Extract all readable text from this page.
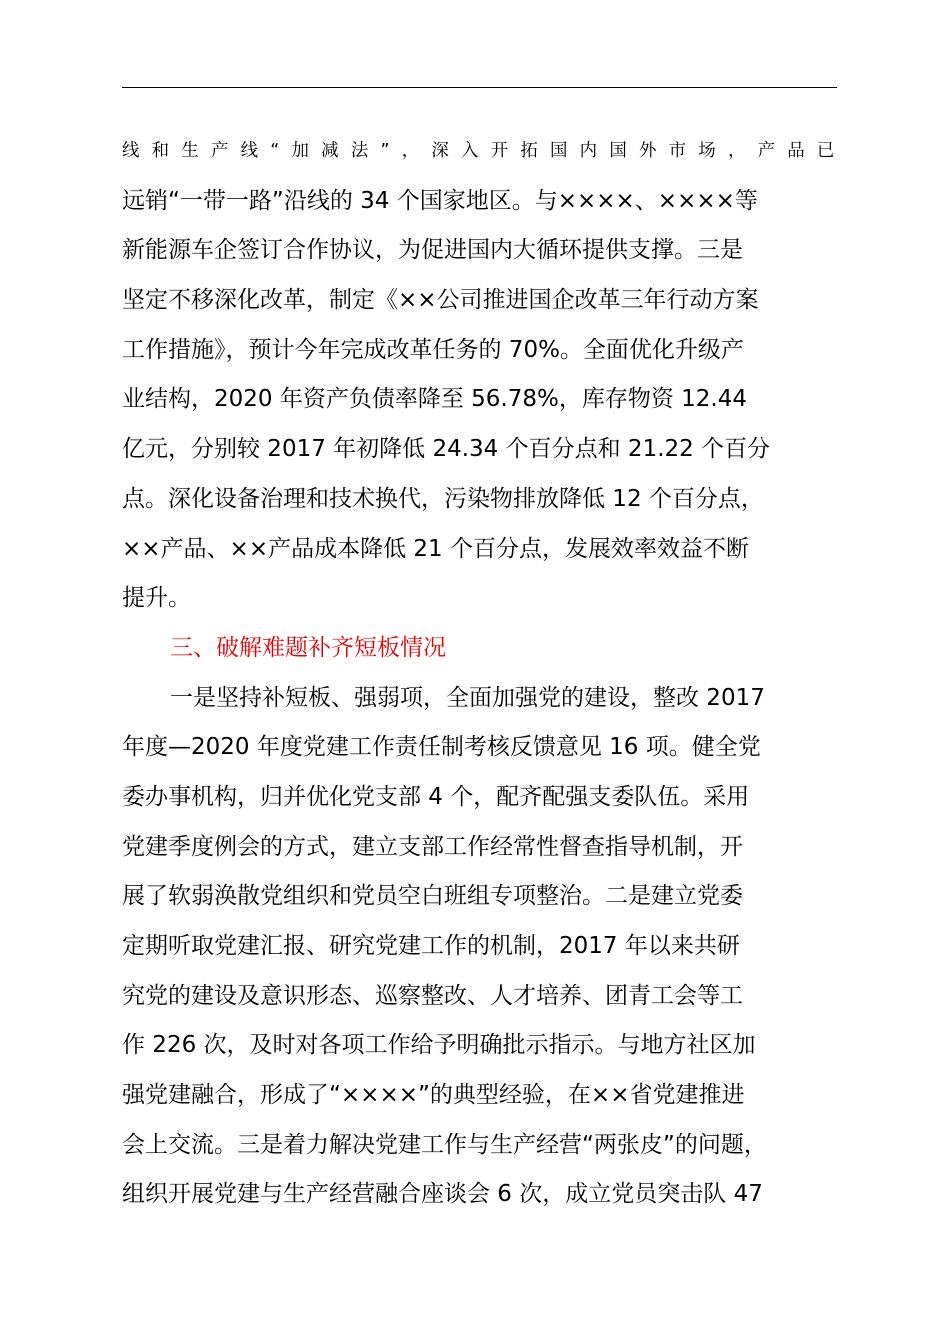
线和生产线“加减法”，深入开拓国内国外市场，产品已
远销“一带一路”沿线的 34 个国家地区。与××××、××××等
新能源车企签订合作协议，为促进国内大循环提供支撑。三是
坚定不移深化改革，制定《××公司推进国企改革三年行动方案
工作措施》，预计今年完成改革任务的 70%。全面优化升级产
业结构，2020 年资产负债率降至 56.78%，库存物资 12.44
亿元，分别较 2017 年初降低 24.34 个百分点和 21.22 个百分
点。深化设备治理和技术换代，污染物排放降低 12 个百分点，
××产品、××产品成本降低 21 个百分点，发展效率效益不断
提升。
三、破解难题补齐短板情况
一是坚持补短板、强弱项，全面加强党的建设，整改 2017
年度—2020 年度党建工作责任制考核反馈意见 16 项。健全党
委办事机构，归并优化党支部 4 个，配齐配强支委队伍。采用
党建季度例会的方式，建立支部工作经常性督查指导机制，开
展了软弱涣散党组织和党员空白班组专项整治。二是建立党委
定期听取党建汇报、研究党建工作的机制，2017 年以来共研
究党的建设及意识形态、巡察整改、人才培养、团青工会等工
作 226 次，及时对各项工作给予明确批示指示。与地方社区加
强党建融合，形成了“××××”的典型经验，在××省党建推进
会上交流。三是着力解决党建工作与生产经营“两张皮”的问题，
组织开展党建与生产经营融合座谈会 6 次，成立党员突击队 47
